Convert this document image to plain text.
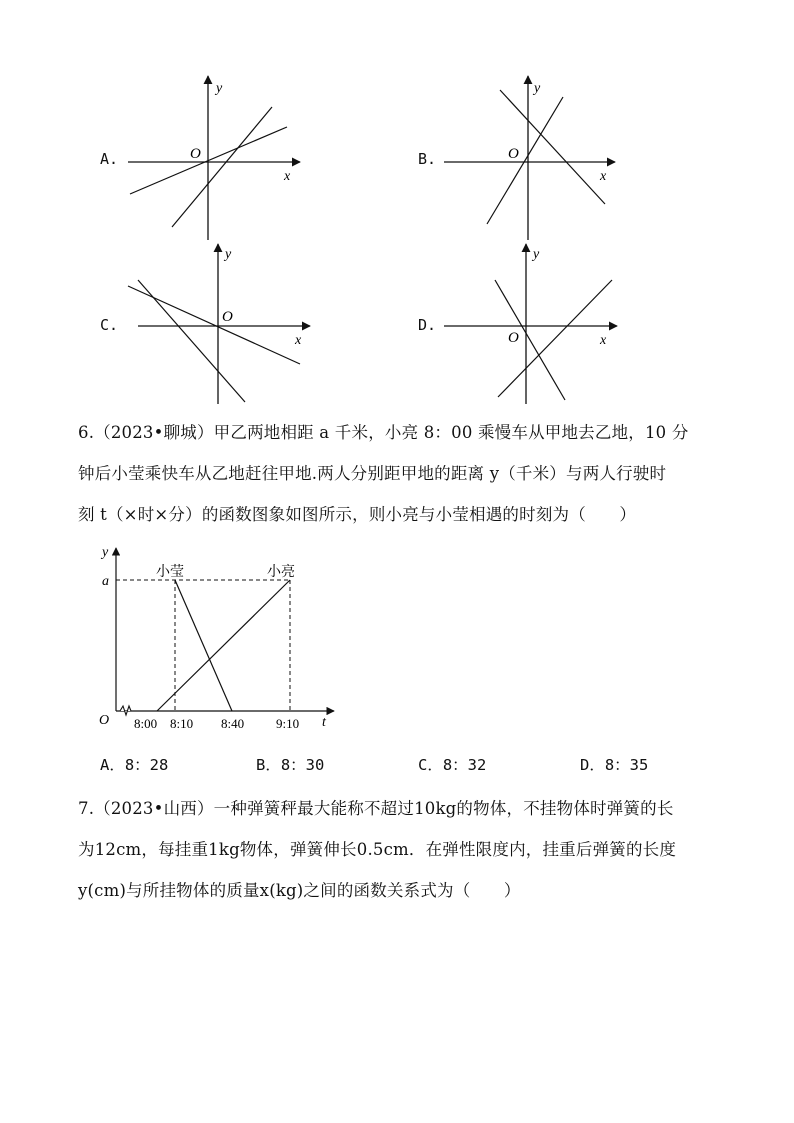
A.
y
x
O	B.
y
x
O
C.
y
x
O	D.
y
x
O
6.（2023•聊城）甲乙两地相距 a 千米，小亮 8：00 乘慢车从甲地去乙地，10 分
钟后小莹乘快车从乙地赶往甲地.两人分别距甲地的距离 y（千米）与两人行驶时
刻 t（×时×分）的函数图象如图所示，则小亮与小莹相遇的时刻为（　　）
y
a
O	t
小莹	小亮
8:00 8:10 8:40 9:10
A．8：28	B．8：30	C．8：32	D．8：35
7.（2023•山西）一种弹簧秤最大能称不超过10kg的物体，不挂物体时弹簧的长
为12cm，每挂重1kg物体，弹簧伸长0.5cm．在弹性限度内，挂重后弹簧的长度
y(cm)与所挂物体的质量x(kg)之间的函数关系式为（　　）
